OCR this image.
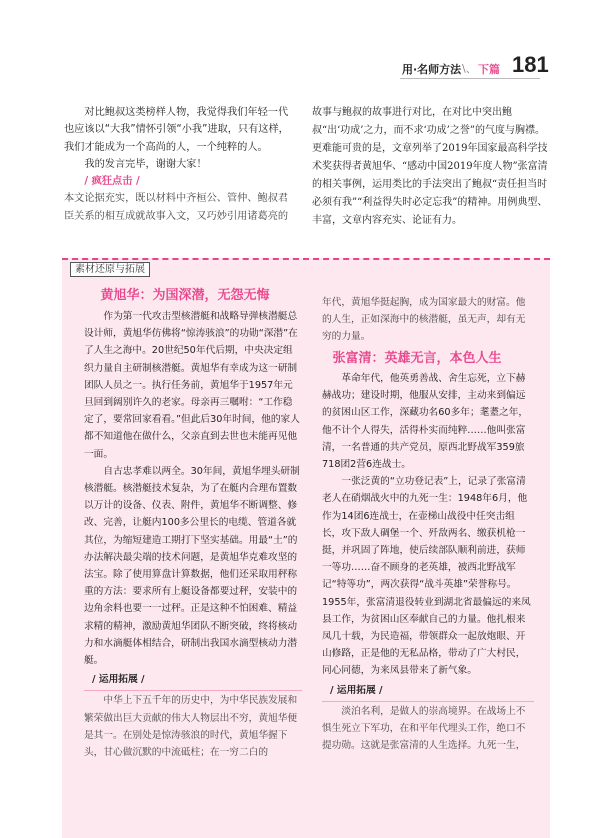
用·名师方法 \、 下篇 181

对比鲍叔这类榜样人物，我觉得我们年轻一代也应该以“大我”情怀引领“小我”进取，只有这样，我们才能成为一个高尚的人，一个纯粹的人。

我的发言完毕，谢谢大家！

/ 疯狂点击 /

本文论据充实，既以材料中齐桓公、管仲、鲍叔君臣关系的相互成就故事入文，又巧妙引用诸葛亮的

故事与鲍叔的故事进行对比，在对比中突出鲍叔“出‘功成’之力，而不求‘功成’之誉”的气度与胸襟。更难能可贵的是，文章列举了2019年国家最高科学技术奖获得者黄旭华、“感动中国2019年度人物”张富清的相关事例，运用类比的手法突出了鲍叔“责任担当时必须有我”“利益得失时必定忘我”的精神。用例典型、丰富，文章内容充实、论证有力。

素材还原与拓展
黄旭华：为国深潜，无怨无悔

作为第一代攻击型核潜艇和战略导弹核潜艇总设计师，黄旭华仿佛将“惊涛骇浪”的功勋“深潜”在了人生之海中。20世纪50年代后期，中央决定组织力量自主研制核潜艇。黄旭华有幸成为这一研制团队人员之一。执行任务前，黄旭华于1957年元旦回到阔别许久的老家。母亲再三嘱咐：“工作稳定了，要常回家看看。”但此后30年时间，他的家人都不知道他在做什么，父亲直到去世也未能再见他一面。

自古忠孝难以两全。30年间，黄旭华埋头研制核潜艇。核潜艇技术复杂，为了在艇内合理布置数以万计的设备、仪表、附件，黄旭华不断调整、修改、完善，让艇内100多公里长的电缆、管道各就其位，为缩短建造工期打下坚实基础。用最“土”的办法解决最尖端的技术问题，是黄旭华克难攻坚的法宝。除了使用算盘计算数据，他们还采取用秤称重的方法：要求所有上艇设备都要过秤，安装中的边角余料也要一一过秤。正是这种不怕困难、精益求精的精神，激励黄旭华团队不断突破，终将核动力和水滴艇体相结合，研制出我国水滴型核动力潜艇。

/ 运用拓展 /

中华上下五千年的历史中，为中华民族发展和繁荣做出巨大贡献的伟大人物层出不穷，黄旭华便是其一。在别处是惊涛骇浪的时代，黄旭华握下头，甘心做沉默的中流砥柱；在一穷二白的

年代，黄旭华挺起胸，成为国家最大的财富。他的人生，正如深海中的核潜艇，虽无声，却有无穷的力量。

张富清：英雄无言，本色人生

革命年代，他英勇善战、舍生忘死，立下赫赫战功；建设时期，他服从安排，主动来到偏远的贫困山区工作，深藏功名60多年；耄耋之年，他不计个人得失，活得朴实而纯粹……他叫张富清，一名普通的共产党员，原西北野战军359旅718团2营6连战士。

一张泛黄的“立功登记表”上，记录了张富清老人在硝烟战火中的九死一生：1948年6月，他作为14团6连战士，在壶梯山战役中任突击组长，攻下敌人碉堡一个、歼敌两名、缴获机枪一挺，并巩固了阵地，使后续部队顺利前进，获师一等功……奋不顾身的老英雄，被西北野战军记“特等功”，两次获得“战斗英雄”荣誉称号。1955年，张富清退役转业到湖北省最偏远的来凤县工作，为贫困山区奉献自己的力量。他扎根来凤几十载，为民造福，带领群众一起放炮眼、开山修路，正是他的无私品格，带动了广大村民，同心同德，为来凤县带来了新气象。

/ 运用拓展 /

淡泊名利，是做人的崇高境界。在战场上不惧生死立下军功，在和平年代埋头工作，绝口不提功勋。这就是张富清的人生选择。九死一生，
